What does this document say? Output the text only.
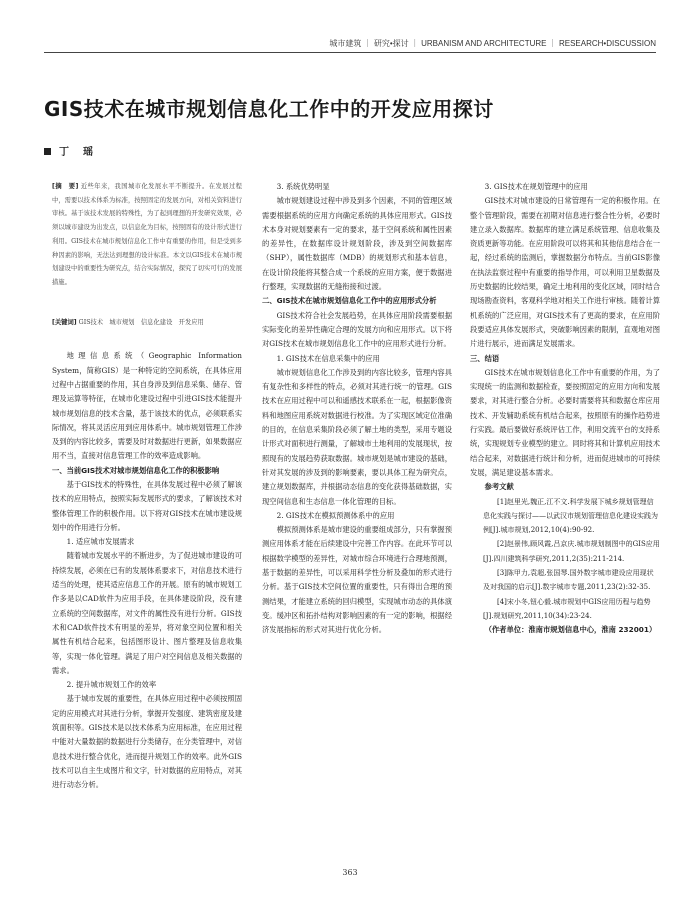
城市建筑 ｜ 研究•探讨 ｜ URBANISM AND ARCHITECTURE ｜ RESEARCH•DISCUSSION
GIS技术在城市规划信息化工作中的开发应用探讨
丁　瑶

[摘　要] 近些年来，我国城市化发展水平不断提升。在发展过程中，需要以技术体系为标准，按照固定的发展方向，对相关资料进行审核。基于该技术发展的特殊性，为了起到理想的开发研究效果，必须以城市建设为出发点，以信息化为目标，按照固有的设计形式进行利用。GIS技术在城市规划信息化工作中有重要的作用，但是受到多种因素的影响，无法达到理想的设计标准。本文以GIS技术在城市规划建设中的重要性为研究点，结合实际情况，探究了切实可行的发展措施。

[关键词] GIS技术　城市规划　信息化建设　开发应用

地理信息系统（Geographic Information System，简称GIS）是一种特定的空间系统，在具体应用过程中占据重要的作用，其自身涉及到信息采集、储存、管理及运算等特征，在城市化建设过程中引进GIS技术能提升城市规划信息的技术含量，基于该技术的优点，必须联系实际情况，将其灵活应用到应用体系中。城市规划管理工作涉及到的内容比较多，需要及时对数据进行更新，如果数据应用不当，直接对信息管理工作的效率造成影响。

一、当前GIS技术对城市规划信息化工作的积极影响

基于GIS技术的特殊性，在具体发展过程中必须了解该技术的应用特点，按照实际发展形式的要求，了解该技术对整体管理工作的积极作用。以下将对GIS技术在城市建设规划中的作用进行分析。

1. 适应城市发展需求

随着城市发展水平的不断进步，为了促进城市建设的可持续发展，必须在已有的发展体系要求下，对信息技术进行适当的处理，使其适应信息工作的开展。原有的城市规划工作多是以CAD软件为应用手段，在具体建设阶段，没有建立系统的空间数据库，对文件的属性没有进行分析。GIS技术和CAD软件技术有明显的差异，将对象空间位置和相关属性有机结合起来，包括图形设计、图片整理及信息收集等，实现一体化管理。满足了用户对空间信息及相关数据的需求。

2. 提升城市规划工作的效率

基于城市发展的重要性，在具体应用过程中必须按照固定的应用模式对其进行分析，掌握开发强度、建筑密度及建筑面积等。GIS技术是以技术体系为应用标准，在应用过程中能对大量数据的数据进行分类储存，在分类管理中，对信息技术进行整合优化，进而提升规划工作的效率。此外GIS技术可以自主生成图片和文字，针对数据的应用特点，对其进行动态分析。

3. 系统优势明显

城市规划建设过程中涉及到多个因素，不同的管理区域需要根据系统的应用方向确定系统的具体应用形式。GIS技术本身对规划要素有一定的要求，基于空间系统和属性因素的差异性，在数据库设计规划阶段，涉及到空间数据库（SHP），属性数据库（MDB）的规划形式和基本信息，在设计阶段能将其整合成一个系统的应用方案，便于数据进行整理，实现数据的无缝衔接和过渡。

二、GIS技术在城市规划信息化工作中的应用形式分析

GIS技术符合社会发展趋势，在具体应用阶段需要根据实际变化的差异性确定合理的发展方向和应用形式。以下将对GIS技术在城市规划信息化工作中的应用形式进行分析。

1. GIS技术在信息采集中的应用

城市规划信息化工作涉及到的内容比较多，管理内容具有复杂性和多样性的特点，必须对其进行统一的管理。GIS技术在应用过程中可以和遥感技术联系在一起，根据影像资料和地图应用系统对数据进行校准。为了实现区域定位准确的目的，在信息采集阶段必须了解土地的类型，采用专题设计形式对面积进行测量，了解城市土地利用的发展现状，按照现有的发展趋势获取数据。城市规划是城市建设的基础，针对其发展的涉及到的影响要素，要以具体工程为研究点，建立规划数据库，并根据动态信息的变化获得基础数据，实现空间信息和生态信息一体化管理的目标。

2. GIS技术在模拟预测体系中的应用

模拟预测体系是城市建设的重要组成部分，只有掌握预测应用体系才能在后续建设中完善工作内容。在此环节可以根据数学模型的差异性，对城市综合环境进行合理地预测，基于数据的差异性，可以采用科学性分析及叠加的形式进行分析。基于GIS技术空间位置的重要性，只有得出合理的预测结果，才能建立系统的回归模型，实现城市动态的具体演变。缓冲区和拓扑结构对影响因素的有一定的影响，根据经济发展指标的形式对其进行优化分析。

3. GIS技术在规划管理中的应用

GIS技术对城市建设的日常管理有一定的积极作用。在整个管理阶段，需要在初期对信息进行整合性分析，必要时建立录入数据库。数据库的建立满足系统管理、信息收集及资质更新等功能。在应用阶段可以将其和其他信息结合在一起，经过系统的监测后，掌握数据分布特点。当前GIS影像在执法监察过程中有重要的指导作用，可以利用卫星数据及历史数据的比较结果，确定土地利用的变化区域，同时结合现场勘查资料，客观科学地对相关工作进行审核。随着计算机系统的广泛应用，对GIS技术有了更高的要求，在应用阶段要适应具体发展形式，突破影响因素的限制，直观地对图片进行展示，进而满足发展需求。

三、结语

GIS技术在城市规划信息化工作中有重要的作用，为了实现统一的监测和数据检查，要按照固定的应用方向和发展要求，对其进行整合分析。必要时需要将其和数据仓库应用技术、开发辅助系统有机结合起来，按照原有的操作趋势进行实践。最后要做好系统评估工作，利用交流平台的支持系统，实现规划专业模型的建立。同时将其和计算机应用技术结合起来，对数据进行统计和分析，进而促进城市的可持续发展，满足建设基本需求。

参考文献

[1]赵里光,魏正,江不文.科学发展下城乡规划管理信息化实践与探讨——以武汉市规划管理信息化建设实践为例[J].城市规划,2012,10(4):90-92.

[2]赵景伟,顾风霞,吕京庆.城市规划制图中的GIS应用[J].四川建筑科学研究,2011,2(35):211-214.

[3]陈甲力,袁超,张国琴.国外数字城市建设应用现状及对我国的启示[J].数字城市专题,2011,23(2):32-35.

[4]宋小冬,钮心毅.城市规划中GIS应用历程与趋势[J].规划研究,2011,10(34):23-24.

（作者单位：淮南市规划信息中心，淮南 232001）

363
